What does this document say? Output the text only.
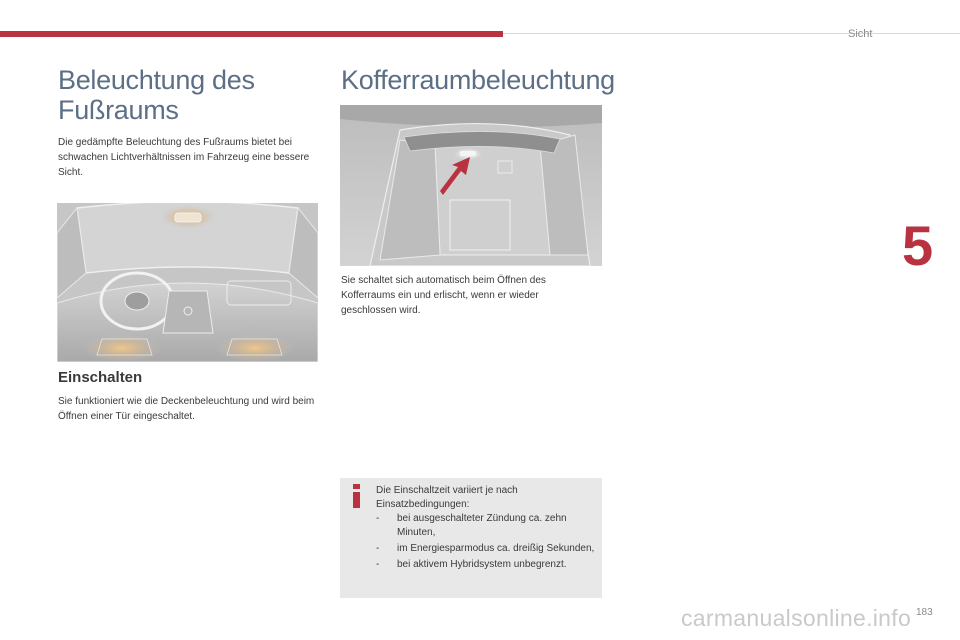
Sicht
5
Beleuchtung des Fußraums

Die gedämpfte Beleuchtung des Fußraums bietet bei schwachen Lichtverhältnissen im Fahrzeug eine bessere Sicht.

Einschalten

Sie funktioniert wie die Deckenbeleuchtung und wird beim Öffnen einer Tür eingeschaltet.

Kofferraumbeleuchtung

Sie schaltet sich automatisch beim Öffnen des Kofferraums ein und erlischt, wenn er wieder geschlossen wird.

Die Einschaltzeit variiert je nach Einsatzbedingungen:

- bei ausgeschalteter Zündung ca. zehn Minuten,
- im Energiesparmodus ca. dreißig Sekunden,
- bei aktivem Hybridsystem unbegrenzt.
183
carmanualsonline.info
